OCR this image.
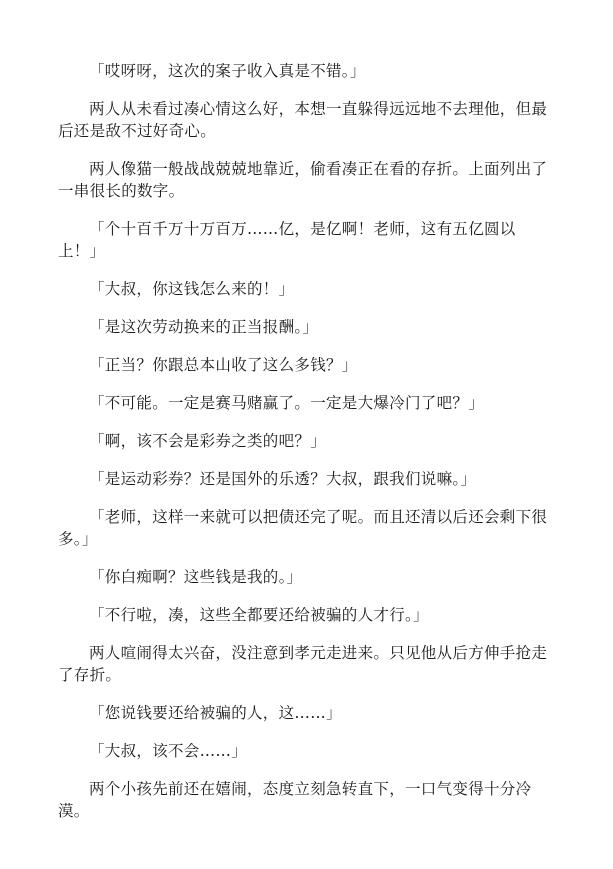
「哎呀呀，这次的案子收入真是不错。」

两人从未看过凑心情这么好，本想一直躲得远远地不去理他，但最后还是敌不过好奇心。

两人像猫一般战战兢兢地靠近，偷看凑正在看的存折。上面列出了一串很长的数字。

「个十百千万十万百万……亿，是亿啊！老师，这有五亿圆以上！」

「大叔，你这钱怎么来的！」

「是这次劳动换来的正当报酬。」

「正当？你跟总本山收了这么多钱？」

「不可能。一定是赛马赌赢了。一定是大爆冷门了吧？」

「啊，该不会是彩券之类的吧？」

「是运动彩券？还是国外的乐透？大叔，跟我们说嘛。」

「老师，这样一来就可以把债还完了呢。而且还清以后还会剩下很多。」

「你白痴啊？这些钱是我的。」

「不行啦，凑，这些全都要还给被骗的人才行。」

两人喧闹得太兴奋，没注意到孝元走进来。只见他从后方伸手抢走了存折。

「您说钱要还给被骗的人，这……」

「大叔，该不会……」

两个小孩先前还在嬉闹，态度立刻急转直下，一口气变得十分冷漠。
